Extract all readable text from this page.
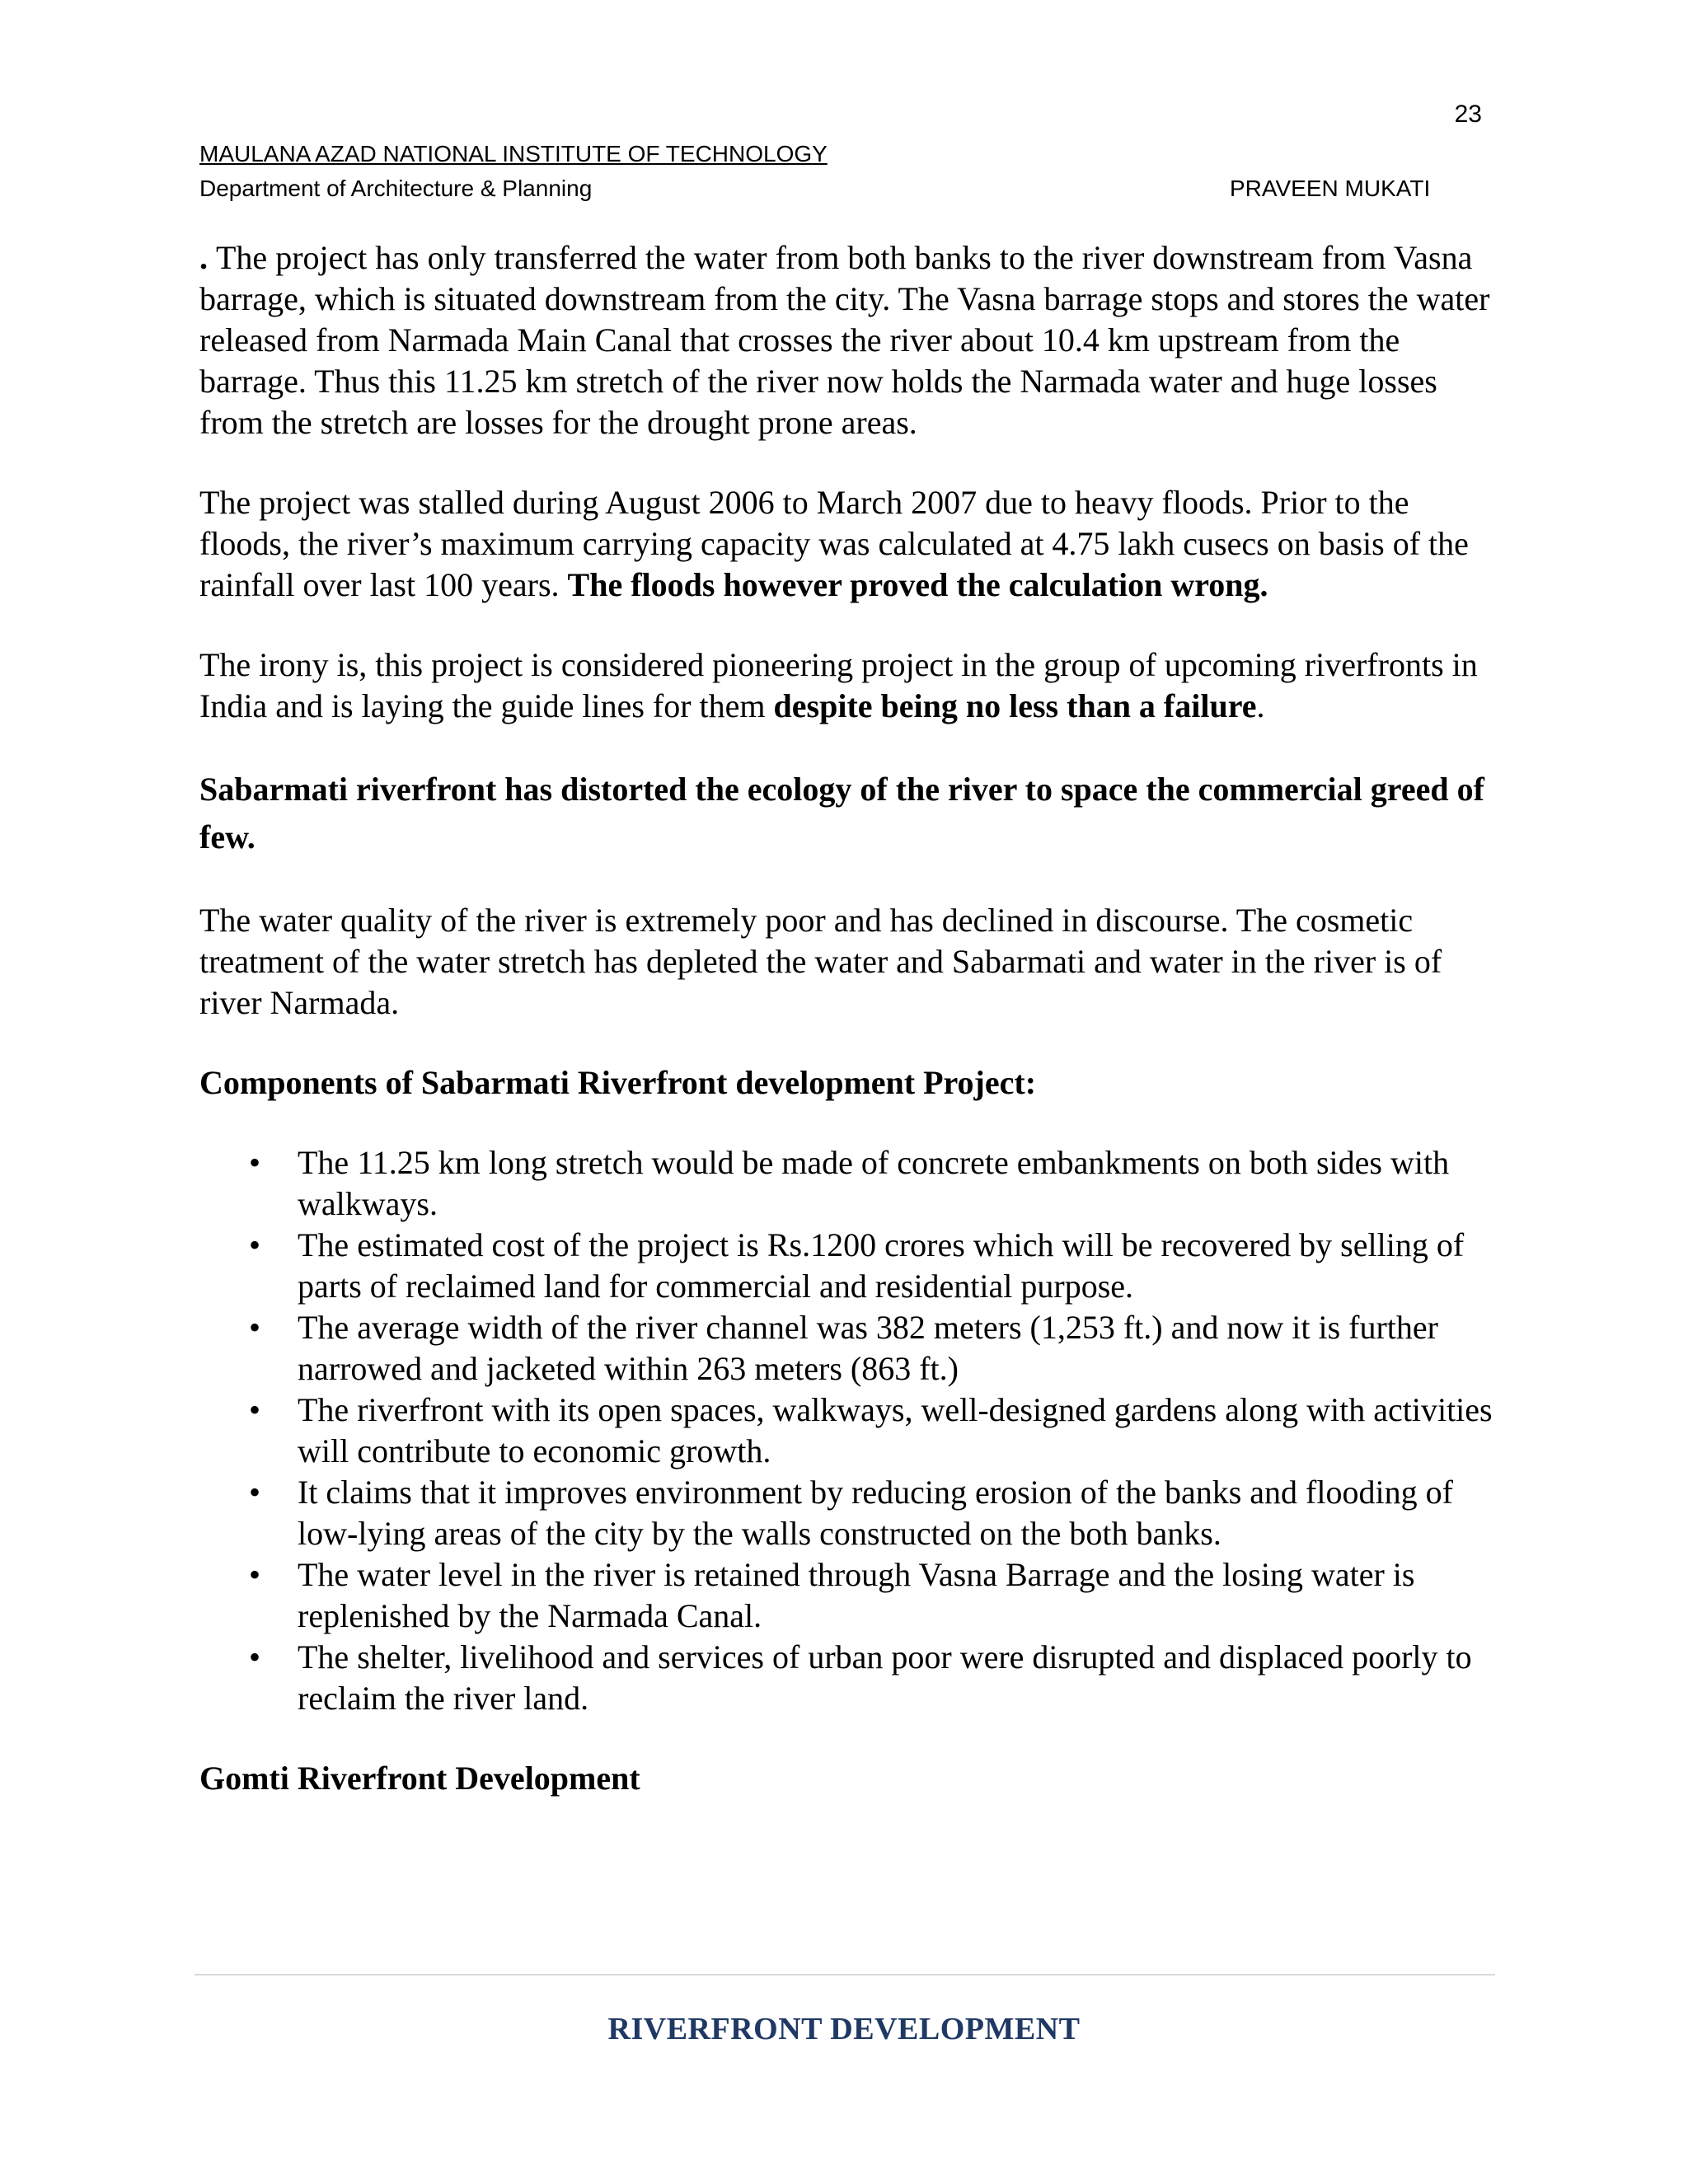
23
MAULANA AZAD NATIONAL INSTITUTE OF TECHNOLOGY
Department of Architecture & Planning	PRAVEEN MUKATI

. The project has only transferred the water from both banks to the river downstream from Vasna barrage, which is situated downstream from the city. The Vasna barrage stops and stores the water released from Narmada Main Canal that crosses the river about 10.4 km upstream from the barrage. Thus this 11.25 km stretch of the river now holds the Narmada water and huge losses from the stretch are losses for the drought prone areas.

The project was stalled during August 2006 to March 2007 due to heavy floods. Prior to the floods, the river’s maximum carrying capacity was calculated at 4.75 lakh cusecs on basis of the rainfall over last 100 years. The floods however proved the calculation wrong.

The irony is, this project is considered pioneering project in the group of upcoming riverfronts in India and is laying the guide lines for them despite being no less than a failure.

Sabarmati riverfront has distorted the ecology of the river to space the commercial greed of few.

The water quality of the river is extremely poor and has declined in discourse. The cosmetic treatment of the water stretch has depleted the water and Sabarmati and water in the river is of river Narmada.

Components of Sabarmati Riverfront development Project:
• The 11.25 km long stretch would be made of concrete embankments on both sides with walkways.
• The estimated cost of the project is Rs.1200 crores which will be recovered by selling of parts of reclaimed land for commercial and residential purpose.
• The average width of the river channel was 382 meters (1,253 ft.) and now it is further narrowed and jacketed within 263 meters (863 ft.)
• The riverfront with its open spaces, walkways, well-designed gardens along with activities will contribute to economic growth.
• It claims that it improves environment by reducing erosion of the banks and flooding of low-lying areas of the city by the walls constructed on the both banks.
• The water level in the river is retained through Vasna Barrage and the losing water is replenished by the Narmada Canal.
• The shelter, livelihood and services of urban poor were disrupted and displaced poorly to reclaim the river land.
Gomti Riverfront Development
RIVERFRONT DEVELOPMENT
